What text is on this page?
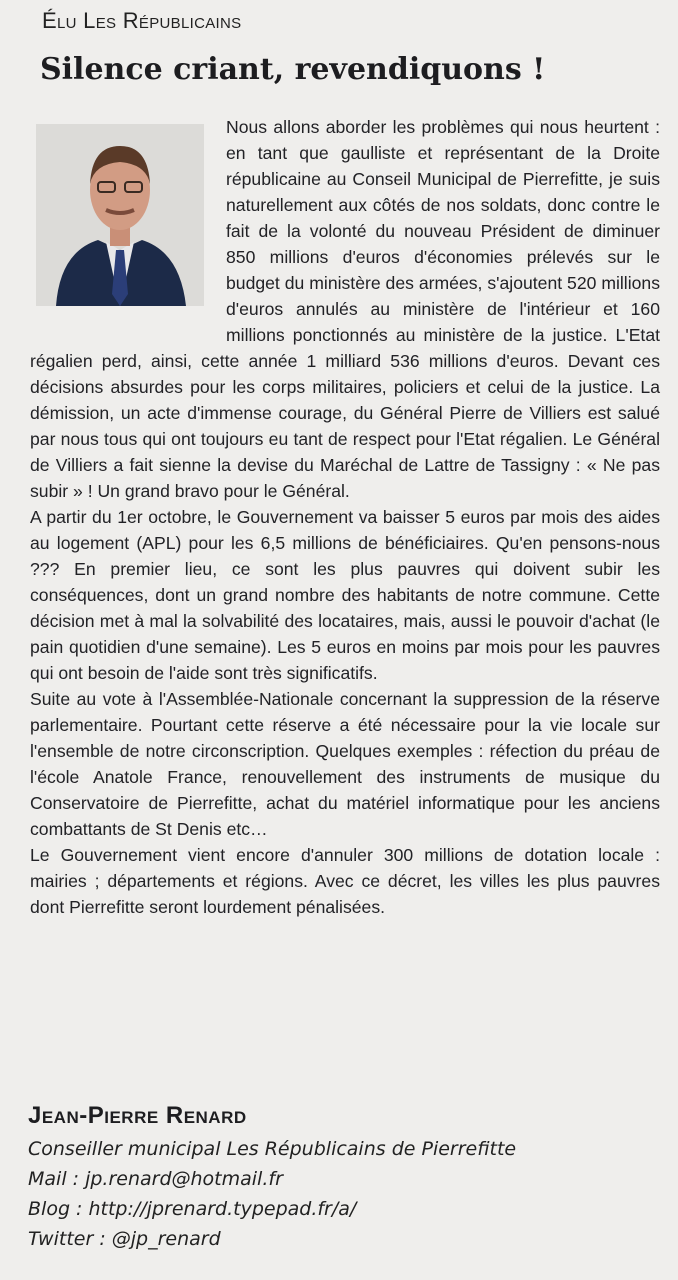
Élu Les Républicains
Silence criant, revendiquons !

Nous allons aborder les problèmes qui nous heurtent : en tant que gaulliste et représentant de la Droite républicaine au Conseil Municipal de Pierrefitte, je suis naturellement aux côtés de nos soldats, donc contre le fait de la volonté du nouveau Président de diminuer 850 millions d'euros d'économies prélevés sur le budget du ministère des armées, s'ajoutent 520 millions d'euros annulés au ministère de l'intérieur et 160 millions ponctionnés au ministère de la justice. L'Etat régalien perd, ainsi, cette année 1 milliard 536 millions d'euros. Devant ces décisions absurdes pour les corps militaires, policiers et celui de la justice. La démission, un acte d'immense courage, du Général Pierre de Villiers est salué par nous tous qui ont toujours eu tant de respect pour l'Etat régalien. Le Général de Villiers a fait sienne la devise du Maréchal de Lattre de Tassigny : « Ne pas subir » ! Un grand bravo pour le Général.

A partir du 1er octobre, le Gouvernement va baisser 5 euros par mois des aides au logement (APL) pour les 6,5 millions de bénéficiaires. Qu'en pensons-nous ??? En premier lieu, ce sont les plus pauvres qui doivent subir les conséquences, dont un grand nombre des habitants de notre commune. Cette décision met à mal la solvabilité des locataires, mais, aussi le pouvoir d'achat (le pain quotidien d'une semaine). Les 5 euros en moins par mois pour les pauvres qui ont besoin de l'aide sont très significatifs.

Suite au vote à l'Assemblée-Nationale concernant la suppression de la réserve parlementaire. Pourtant cette réserve a été nécessaire pour la vie locale sur l'ensemble de notre circonscription. Quelques exemples : réfection du préau de l'école Anatole France, renouvellement des instruments de musique du Conservatoire de Pierrefitte, achat du matériel informatique pour les anciens combattants de St Denis etc…

Le Gouvernement vient encore d'annuler 300 millions de dotation locale : mairies ; départements et régions. Avec ce décret, les villes les plus pauvres dont Pierrefitte seront lourdement pénalisées.

Jean-Pierre Renard
Conseiller municipal Les Républicains de Pierrefitte
Mail : jp.renard@hotmail.fr
Blog : http://jprenard.typepad.fr/a/
Twitter : @jp_renard
